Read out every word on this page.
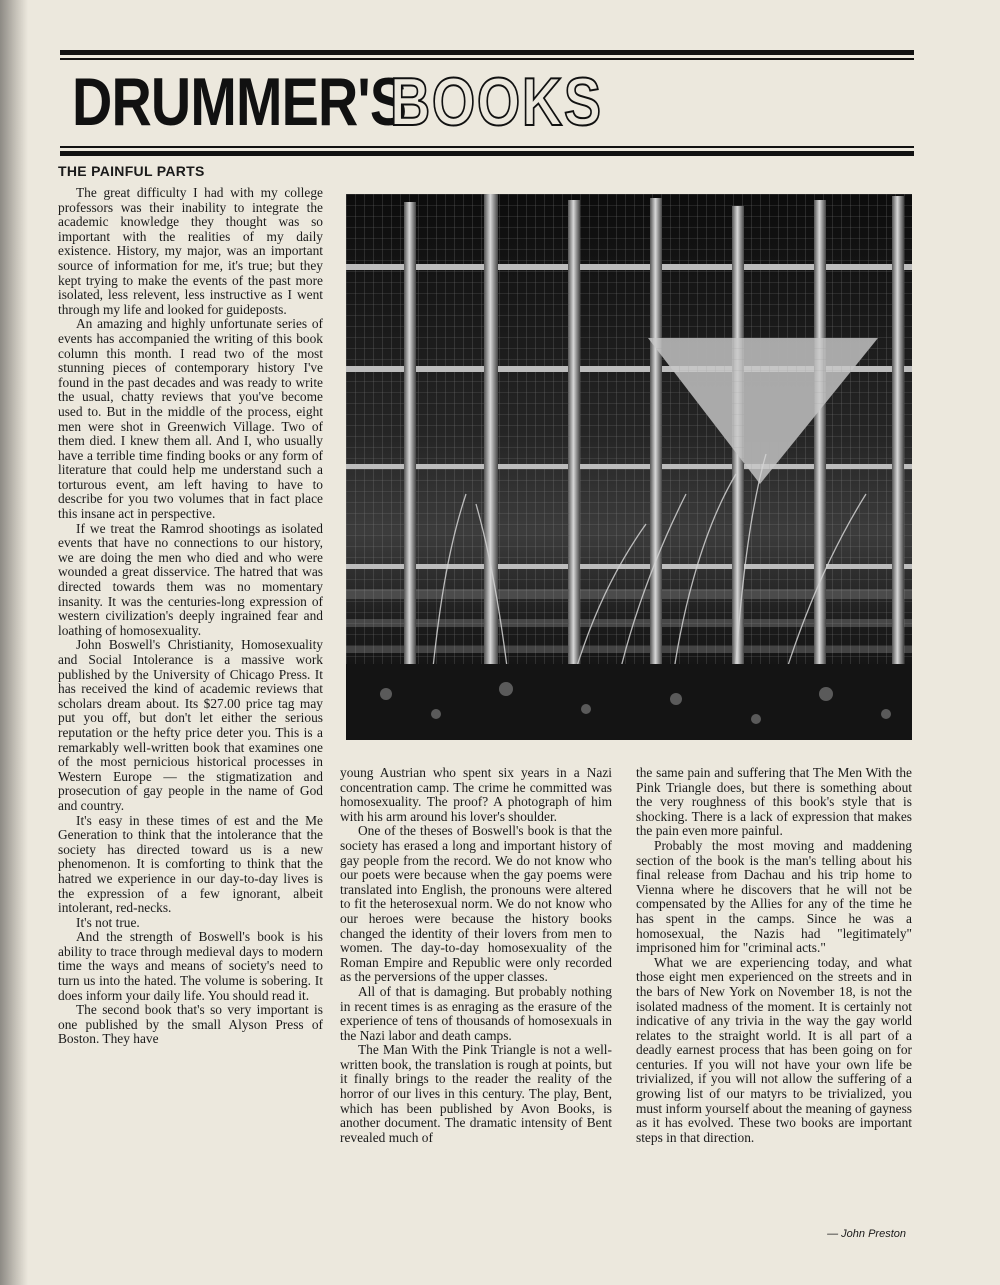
DRUMMER'S
BOOKS
THE PAINFUL PARTS

The great difficulty I had with my college professors was their inability to integrate the academic knowledge they thought was so important with the realities of my daily existence. History, my major, was an important source of information for me, it's true; but they kept trying to make the events of the past more isolated, less relevent, less instructive as I went through my life and looked for guideposts.

An amazing and highly unfortunate series of events has accompanied the writing of this book column this month. I read two of the most stunning pieces of contemporary history I've found in the past decades and was ready to write the usual, chatty reviews that you've become used to. But in the middle of the process, eight men were shot in Greenwich Village. Two of them died. I knew them all. And I, who usually have a terrible time finding books or any form of literature that could help me understand such a torturous event, am left having to have to describe for you two volumes that in fact place this insane act in perspective.

If we treat the Ramrod shootings as isolated events that have no connections to our history, we are doing the men who died and who were wounded a great disservice. The hatred that was directed towards them was no momentary insanity. It was the centuries-long expression of western civilization's deeply ingrained fear and loathing of homosexuality.

John Boswell's Christianity, Homosexuality and Social Intolerance is a massive work published by the University of Chicago Press. It has received the kind of academic reviews that scholars dream about. Its $27.00 price tag may put you off, but don't let either the serious reputation or the hefty price deter you. This is a remarkably well-written book that examines one of the most pernicious historical processes in Western Europe — the stigmatization and prosecution of gay people in the name of God and country.

It's easy in these times of est and the Me Generation to think that the intolerance that the society has directed toward us is a new phenomenon. It is comforting to think that the hatred we experience in our day-to-day lives is the expression of a few ignorant, albeit intolerant, red-necks.

It's not true.

And the strength of Boswell's book is his ability to trace through medieval days to modern time the ways and means of society's need to turn us into the hated. The volume is sobering. It does inform your daily life. You should read it.

The second book that's so very important is one published by the small Alyson Press of Boston. They have

young Austrian who spent six years in a Nazi concentration camp. The crime he committed was homosexuality. The proof? A photograph of him with his arm around his lover's shoulder.

One of the theses of Boswell's book is that the society has erased a long and important history of gay people from the record. We do not know who our poets were because when the gay poems were translated into English, the pronouns were altered to fit the heterosexual norm. We do not know who our heroes were because the history books changed the identity of their lovers from men to women. The day-to-day homosexuality of the Roman Empire and Republic were only recorded as the perversions of the upper classes.

All of that is damaging. But probably nothing in recent times is as enraging as the erasure of the experience of tens of thousands of homosexuals in the Nazi labor and death camps.

The Man With the Pink Triangle is not a well-written book, the translation is rough at points, but it finally brings to the reader the reality of the horror of our lives in this century. The play, Bent, which has been published by Avon Books, is another document. The dramatic intensity of Bent revealed much of

the same pain and suffering that The Men With the Pink Triangle does, but there is something about the very roughness of this book's style that is shocking. There is a lack of expression that makes the pain even more painful.

Probably the most moving and maddening section of the book is the man's telling about his final release from Dachau and his trip home to Vienna where he discovers that he will not be compensated by the Allies for any of the time he has spent in the camps. Since he was a homosexual, the Nazis had "legitimately" imprisoned him for "criminal acts."

What we are experiencing today, and what those eight men experienced on the streets and in the bars of New York on November 18, is not the isolated madness of the moment. It is certainly not indicative of any trivia in the way the gay world relates to the straight world. It is all part of a deadly earnest process that has been going on for centuries. If you will not have your own life be trivialized, if you will not allow the suffering of a growing list of our matyrs to be trivialized, you must inform yourself about the meaning of gayness as it has evolved. These two books are important steps in that direction.

— John Preston
